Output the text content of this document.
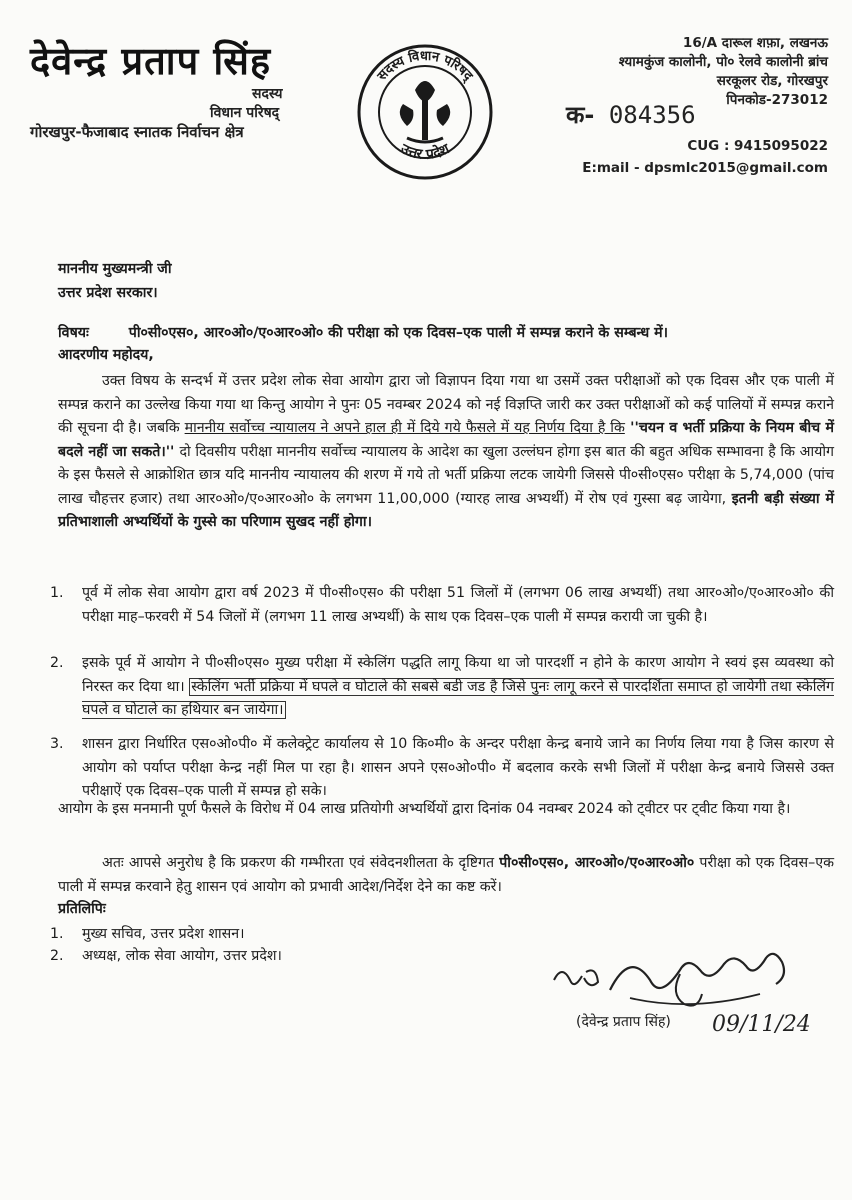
देवेन्द्र प्रताप सिंह
सदस्य
विधान परिषद्
गोरखपुर-फैजाबाद स्नातक निर्वाचन क्षेत्र
सदस्य विधान परिषद्
उत्तर प्रदेश
16/A दारूल शफ़ा, लखनऊ
श्यामकुंज कालोनी, पो० रेलवे कालोनी ब्रांच
सरकूलर रोड, गोरखपुर
पिनकोड-273012
क- 084356
CUG : 9415095022
E:mail - dpsmlc2015@gmail.com
माननीय मुख्यमन्त्री जी
उत्तर प्रदेश सरकार।
विषयः	पी०सी०एस०, आर०ओ०/ए०आर०ओ० की परीक्षा को एक दिवस–एक पाली में सम्पन्न कराने के सम्बन्ध में।
आदरणीय महोदय,
उक्त विषय के सन्दर्भ में उत्तर प्रदेश लोक सेवा आयोग द्वारा जो विज्ञापन दिया गया था उसमें उक्त परीक्षाओं को एक दिवस और एक पाली में सम्पन्न कराने का उल्लेख किया गया था किन्तु आयोग ने पुनः 05 नवम्बर 2024 को नई विज्ञप्ति जारी कर उक्त परीक्षाओं को कई पालियों में सम्पन्न कराने की सूचना दी है। जबकि माननीय सर्वोच्च न्यायालय ने अपने हाल ही में दिये गये फैसले में यह निर्णय दिया है कि ''चयन व भर्ती प्रक्रिया के नियम बीच में बदले नहीं जा सकते।'' दो दिवसीय परीक्षा माननीय सर्वोच्च न्यायालय के आदेश का खुला उल्लंघन होगा इस बात की बहुत अधिक सम्भावना है कि आयोग के इस फैसले से आक्रोशित छात्र यदि माननीय न्यायालय की शरण में गये तो भर्ती प्रक्रिया लटक जायेगी जिससे पी०सी०एस० परीक्षा के 5,74,000 (पांच लाख चौहत्तर हजार) तथा आर०ओ०/ए०आर०ओ० के लगभग 11,00,000 (ग्यारह लाख अभ्यर्थी) में रोष एवं गुस्सा बढ़ जायेगा, इतनी बड़ी संख्या में प्रतिभाशाली अभ्यर्थियों के गुस्से का परिणाम सुखद नहीं होगा।
1. पूर्व में लोक सेवा आयोग द्वारा वर्ष 2023 में पी०सी०एस० की परीक्षा 51 जिलों में (लगभग 06 लाख अभ्यर्थी) तथा आर०ओ०/ए०आर०ओ० की परीक्षा माह–फरवरी में 54 जिलों में (लगभग 11 लाख अभ्यर्थी) के साथ एक दिवस–एक पाली में सम्पन्न करायी जा चुकी है।
2. इसके पूर्व में आयोग ने पी०सी०एस० मुख्य परीक्षा में स्केलिंग पद्धति लागू किया था जो पारदर्शी न होने के कारण आयोग ने स्वयं इस व्यवस्था को निरस्त कर दिया था। स्केलिंग भर्ती प्रक्रिया में घपले व घोटाले की सबसे बडी जड है जिसे पुनः लागू करने से पारदर्शिता समाप्त हो जायेगी तथा स्केलिंग घपले व घोटाले का हथियार बन जायेगा।
3. शासन द्वारा निर्धारित एस०ओ०पी० में कलेक्ट्रेट कार्यालय से 10 कि०मी० के अन्दर परीक्षा केन्द्र बनाये जाने का निर्णय लिया गया है जिस कारण से आयोग को पर्याप्त परीक्षा केन्द्र नहीं मिल पा रहा है। शासन अपने एस०ओ०पी० में बदलाव करके सभी जिलों में परीक्षा केन्द्र बनाये जिससे उक्त परीक्षाऐं एक दिवस–एक पाली में सम्पन्न हो सके।
आयोग के इस मनमानी पूर्ण फैसले के विरोध में 04 लाख प्रतियोगी अभ्यर्थियों द्वारा दिनांक 04 नवम्बर 2024 को ट्वीटर पर ट्वीट किया गया है।
अतः आपसे अनुरोध है कि प्रकरण की गम्भीरता एवं संवेदनशीलता के दृष्टिगत पी०सी०एस०, आर०ओ०/ए०आर०ओ० परीक्षा को एक दिवस–एक पाली में सम्पन्न करवाने हेतु शासन एवं आयोग को प्रभावी आदेश/निर्देश देने का कष्ट करें।
प्रतिलिपिः
1. मुख्य सचिव, उत्तर प्रदेश शासन।
2. अध्यक्ष, लोक सेवा आयोग, उत्तर प्रदेश।
(देवेन्द्र प्रताप सिंह) 09/11/24
